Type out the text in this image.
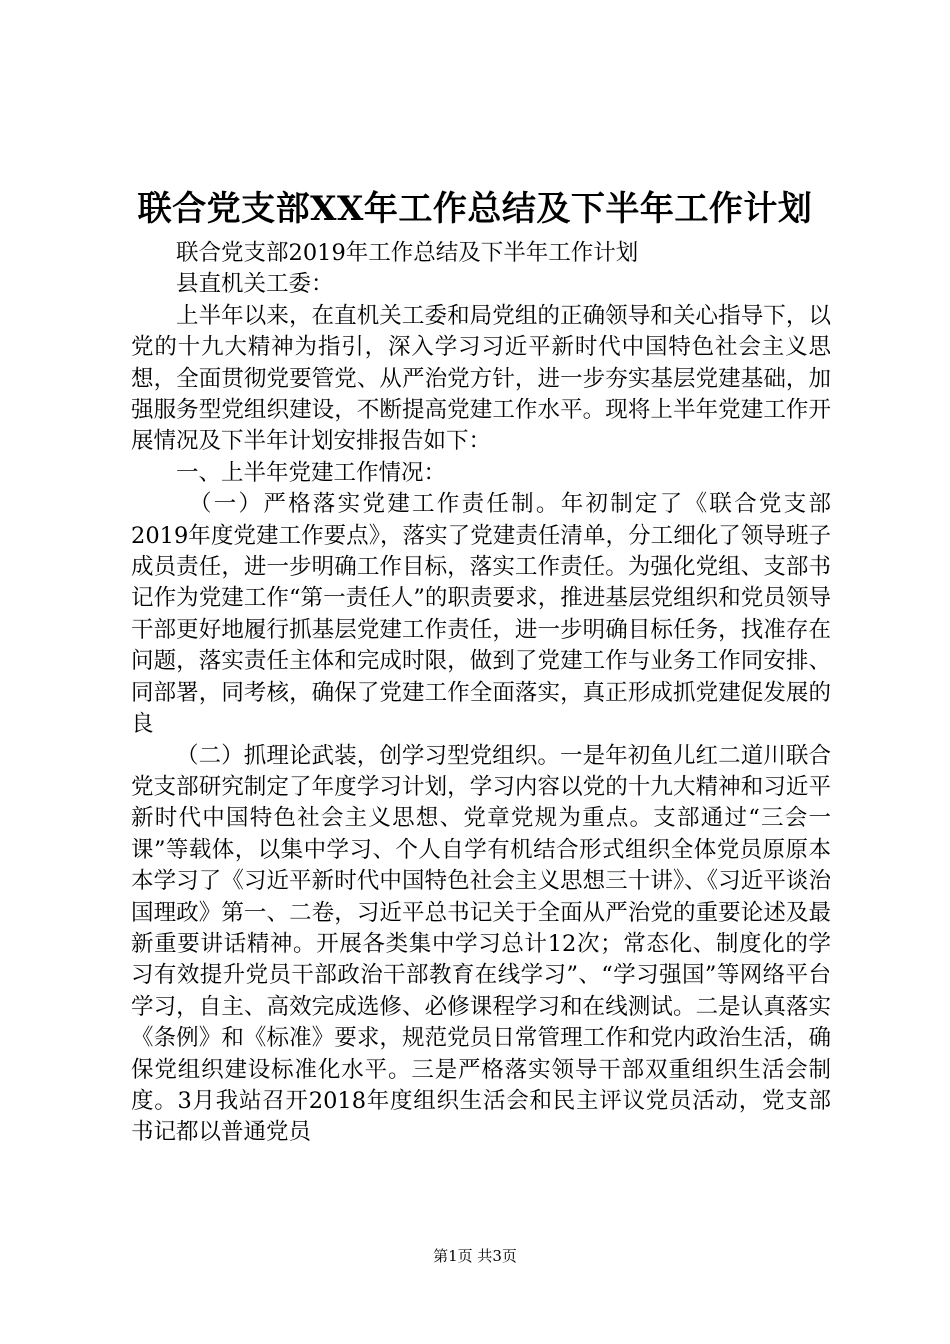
联合党支部XX年工作总结及下半年工作计划

联合党支部2019年工作总结及下半年工作计划

县直机关工委：

上半年以来，在直机关工委和局党组的正确领导和关心指导下，以党的十九大精神为指引，深入学习习近平新时代中国特色社会主义思想，全面贯彻党要管党、从严治党方针，进一步夯实基层党建基础，加强服务型党组织建设，不断提高党建工作水平。现将上半年党建工作开展情况及下半年计划安排报告如下：

一、上半年党建工作情况：

（一）严格落实党建工作责任制。年初制定了《联合党支部2019年度党建工作要点》，落实了党建责任清单，分工细化了领导班子成员责任，进一步明确工作目标，落实工作责任。为强化党组、支部书记作为党建工作“第一责任人”的职责要求，推进基层党组织和党员领导干部更好地履行抓基层党建工作责任，进一步明确目标任务，找准存在问题，落实责任主体和完成时限，做到了党建工作与业务工作同安排、同部署，同考核，确保了党建工作全面落实，真正形成抓党建促发展的良

（二）抓理论武装，创学习型党组织。一是年初鱼儿红二道川联合党支部研究制定了年度学习计划，学习内容以党的十九大精神和习近平新时代中国特色社会主义思想、党章党规为重点。支部通过“三会一课”等载体，以集中学习、个人自学有机结合形式组织全体党员原原本本学习了《习近平新时代中国特色社会主义思想三十讲》、《习近平谈治国理政》第一、二卷，习近平总书记关于全面从严治党的重要论述及最新重要讲话精神。开展各类集中学习总计12次；常态化、制度化的学习有效提升党员干部政治干部教育在线学习”、“学习强国”等网络平台学习，自主、高效完成选修、必修课程学习和在线测试。二是认真落实《条例》和《标准》要求，规范党员日常管理工作和党内政治生活，确保党组织建设标准化水平。三是严格落实领导干部双重组织生活会制度。3月我站召开2018年度组织生活会和民主评议党员活动，党支部书记都以普通党员

第1页 共3页
